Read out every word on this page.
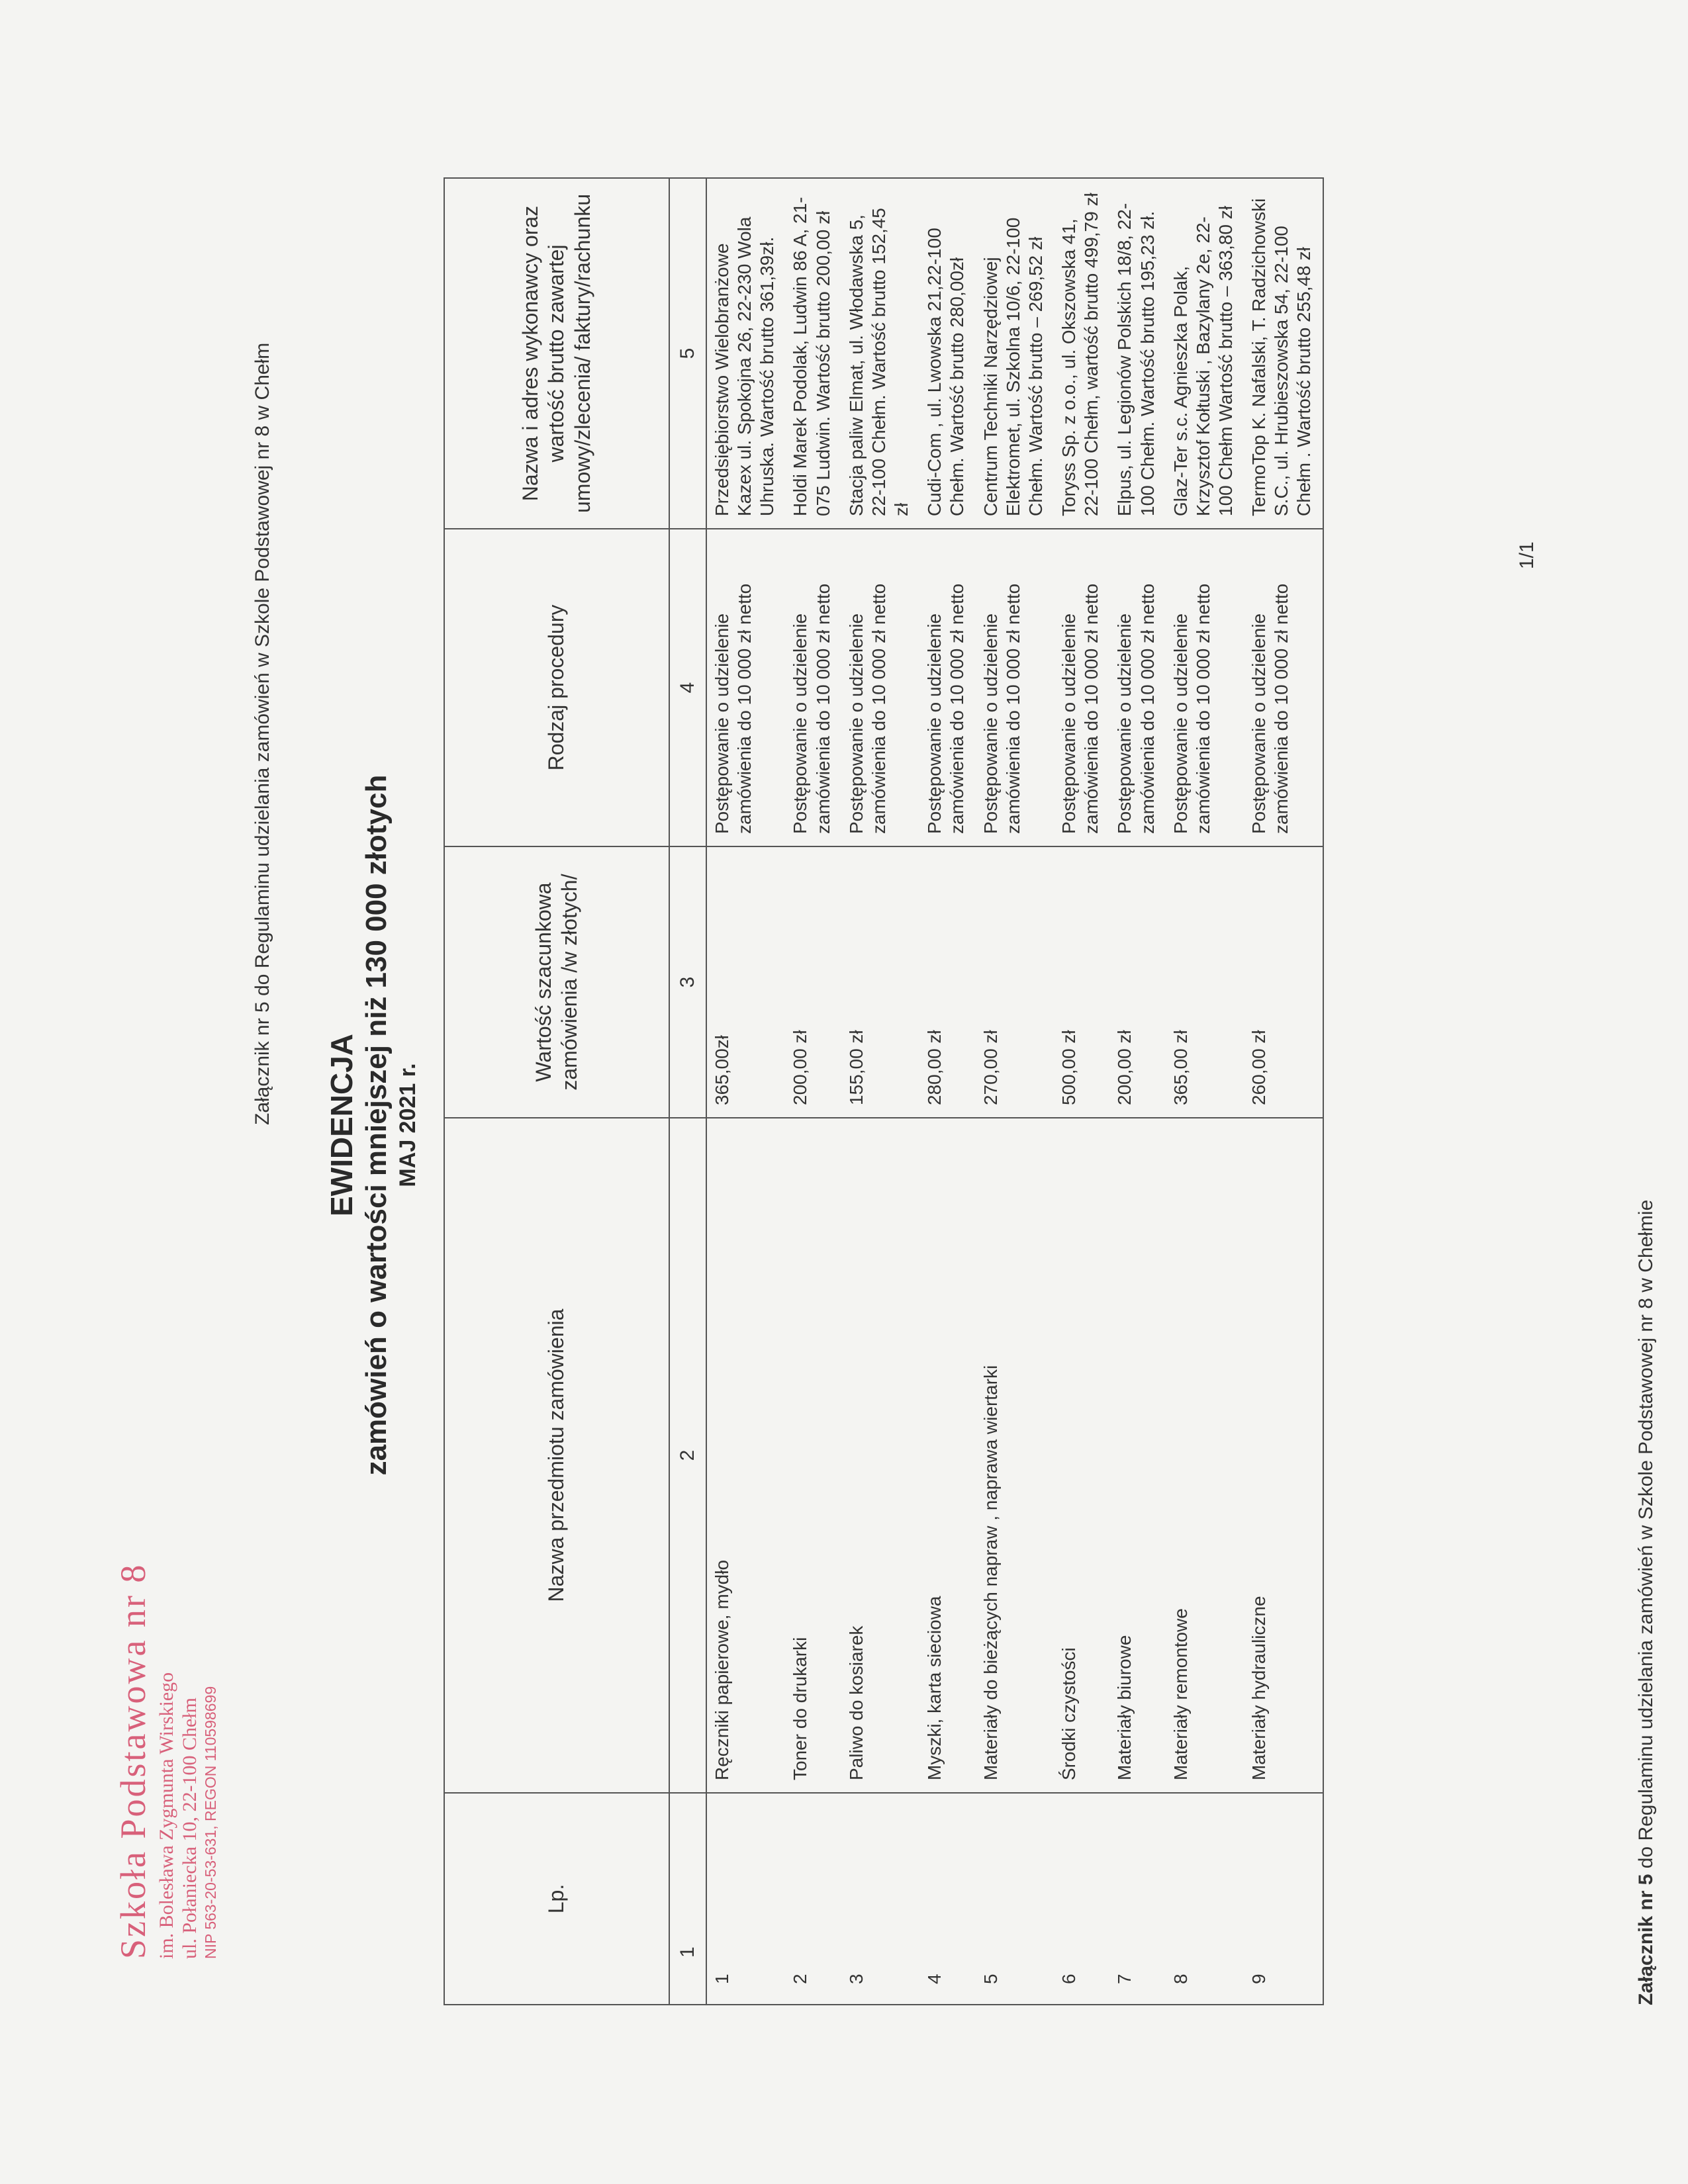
Szkoła Podstawowa nr 8 im. Bolesława Zygmunta Wirskiego ul. Połaniecka 10, 22-100 Chełm NIP 563-20-53-631, REGON 110598699
Załącznik nr 5 do Regulaminu udzielania zamówień w Szkole Podstawowej nr 8 w Chełm EWIDENCJA zamówień o wartości mniejszej niż 130 000 złotych MAJ 2021 r.
Lp.	Nazwa przedmiotu zamówienia	Wartość szacunkowa zamówienia /w złotych/	Rodzaj procedury	Nazwa i adres wykonawcy oraz wartość brutto zawartej umowy/zlecenia/ faktury/rachunku
1	2	3	4	5
1	Ręczniki papierowe, mydło	365,00zł	Postępowanie o udzielenie zamówienia do 10 000 zł netto	Przedsiębiorstwo Wielobranżowe Kazex ul. Spokojna 26, 22-230 Wola Uhruska. Wartość brutto 361,39zł.
2	Toner do drukarki	200,00 zł	Postępowanie o udzielenie zamówienia do 10 000 zł netto	Holdi Marek Podolak, Ludwin 86 A, 21-075 Ludwin. Wartość brutto 200,00 zł
3	Paliwo do kosiarek	155,00 zł	Postępowanie o udzielenie zamówienia do 10 000 zł netto	Stacja paliw Elmat, ul. Włodawska 5, 22-100 Chełm. Wartość brutto 152,45 zł
4	Myszki, karta sieciowa	280,00 zł	Postępowanie o udzielenie zamówienia do 10 000 zł netto	Cudi-Com , ul. Lwowska 21,22-100 Chełm. Wartość brutto 280,00zł
5	Materiały do bieżących napraw , naprawa wiertarki	270,00 zł	Postępowanie o udzielenie zamówienia do 10 000 zł netto	Centrum Techniki Narzędziowej Elektromet, ul. Szkolna 10/6, 22-100 Chełm. Wartość brutto – 269,52 zł
6	Środki czystości	500,00 zł	Postępowanie o udzielenie zamówienia do 10 000 zł netto	Toryss Sp. z o.o., ul. Okszowska 41, 22-100 Chełm, wartość brutto 499,79 zł
7	Materiały biurowe	200,00 zł	Postępowanie o udzielenie zamówienia do 10 000 zł netto	Elpus, ul. Legionów Polskich 18/8, 22-100 Chełm. Wartość brutto 195,23 zł.
8	Materiały remontowe	365,00 zł	Postępowanie o udzielenie zamówienia do 10 000 zł netto	Glaz-Ter s.c. Agnieszka Polak, Krzysztof Kołtuski , Bazylany 2e, 22-100 Chełm Wartość brutto – 363,80 zł
9	Materiały hydrauliczne	260,00 zł	Postępowanie o udzielenie zamówienia do 10 000 zł netto	TermoTop K. Nafalski, T. Radzichowski S.C., ul. Hrubieszowska 54, 22-100 Chełm . Wartość brutto 255,48 zł
1/1
Załącznik nr 5 do Regulaminu udzielania zamówień w Szkole Podstawowej nr 8 w Chełmie
